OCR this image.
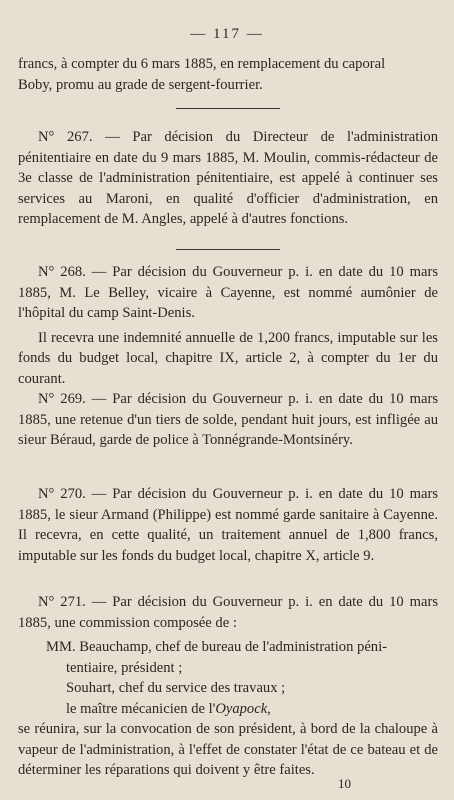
— 117 —

francs, à compter du 6 mars 1885, en remplacement du caporal

Boby, promu au grade de sergent-fourrier.

N° 267. — Par décision du Directeur de l'administration pénitentiaire en date du 9 mars 1885, M. Moulin, commis-rédacteur de 3e classe de l'administration pénitentiaire, est appelé à continuer ses services au Maroni, en qualité d'officier d'administration, en remplacement de M. Angles, appelé à d'autres fonctions.

N° 268. — Par décision du Gouverneur p. i. en date du 10 mars 1885, M. Le Belley, vicaire à Cayenne, est nommé aumônier de l'hôpital du camp Saint-Denis.

Il recevra une indemnité annuelle de 1,200 francs, imputable sur les fonds du budget local, chapitre IX, article 2, à compter du 1er du courant.

N° 269. — Par décision du Gouverneur p. i. en date du 10 mars 1885, une retenue d'un tiers de solde, pendant huit jours, est infligée au sieur Béraud, garde de police à Tonnégrande-Montsinéry.

N° 270. — Par décision du Gouverneur p. i. en date du 10 mars 1885, le sieur Armand (Philippe) est nommé garde sanitaire à Cayenne. Il recevra, en cette qualité, un traitement annuel de 1,800 francs, imputable sur les fonds du budget local, chapitre X, article 9.

N° 271. — Par décision du Gouverneur p. i. en date du 10 mars 1885, une commission composée de :

MM. Beauchamp, chef de bureau de l'administration péni-
tentiaire, président ;
Souhart, chef du service des travaux ;
le maître mécanicien de l'Oyapock,

se réunira, sur la convocation de son président, à bord de la chaloupe à vapeur de l'administration, à l'effet de constater l'état de ce bateau et de déterminer les réparations qui doivent y être faites.

10
